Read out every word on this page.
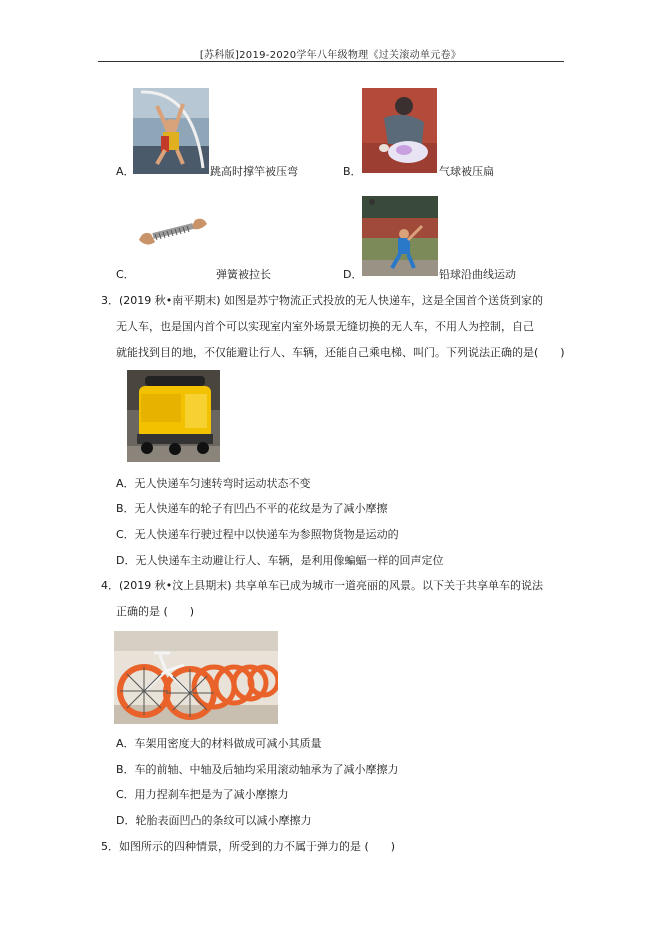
[苏科版]2019-2020学年八年级物理《过关滚动单元卷》
A．	跳高时撑竿被压弯	B．	气球被压扁
C．	弹簧被拉长	D．	铅球沿曲线运动
3．(2019 秋•南平期末) 如图是苏宁物流正式投放的无人快递车，这是全国首个送货到家的
无人车，也是国内首个可以实现室内室外场景无缝切换的无人车，不用人为控制，自己
就能找到目的地，不仅能避让行人、车辆，还能自己乘电梯、叫门。下列说法正确的是(　　)
A．无人快递车匀速转弯时运动状态不变
B．无人快递车的轮子有凹凸不平的花纹是为了减小摩擦
C．无人快递车行驶过程中以快递车为参照物货物是运动的
D．无人快递车主动避让行人、车辆，是利用像蝙蝠一样的回声定位
4．(2019 秋•汶上县期末) 共享单车已成为城市一道亮丽的风景。以下关于共享单车的说法
正确的是 (　　)
A．车架用密度大的材料做成可减小其质量
B．车的前轴、中轴及后轴均采用滚动轴承为了减小摩擦力
C．用力捏刹车把是为了减小摩擦力
D．轮胎表面凹凸的条纹可以减小摩擦力
5．如图所示的四种情景，所受到的力不属于弹力的是 (　　)
